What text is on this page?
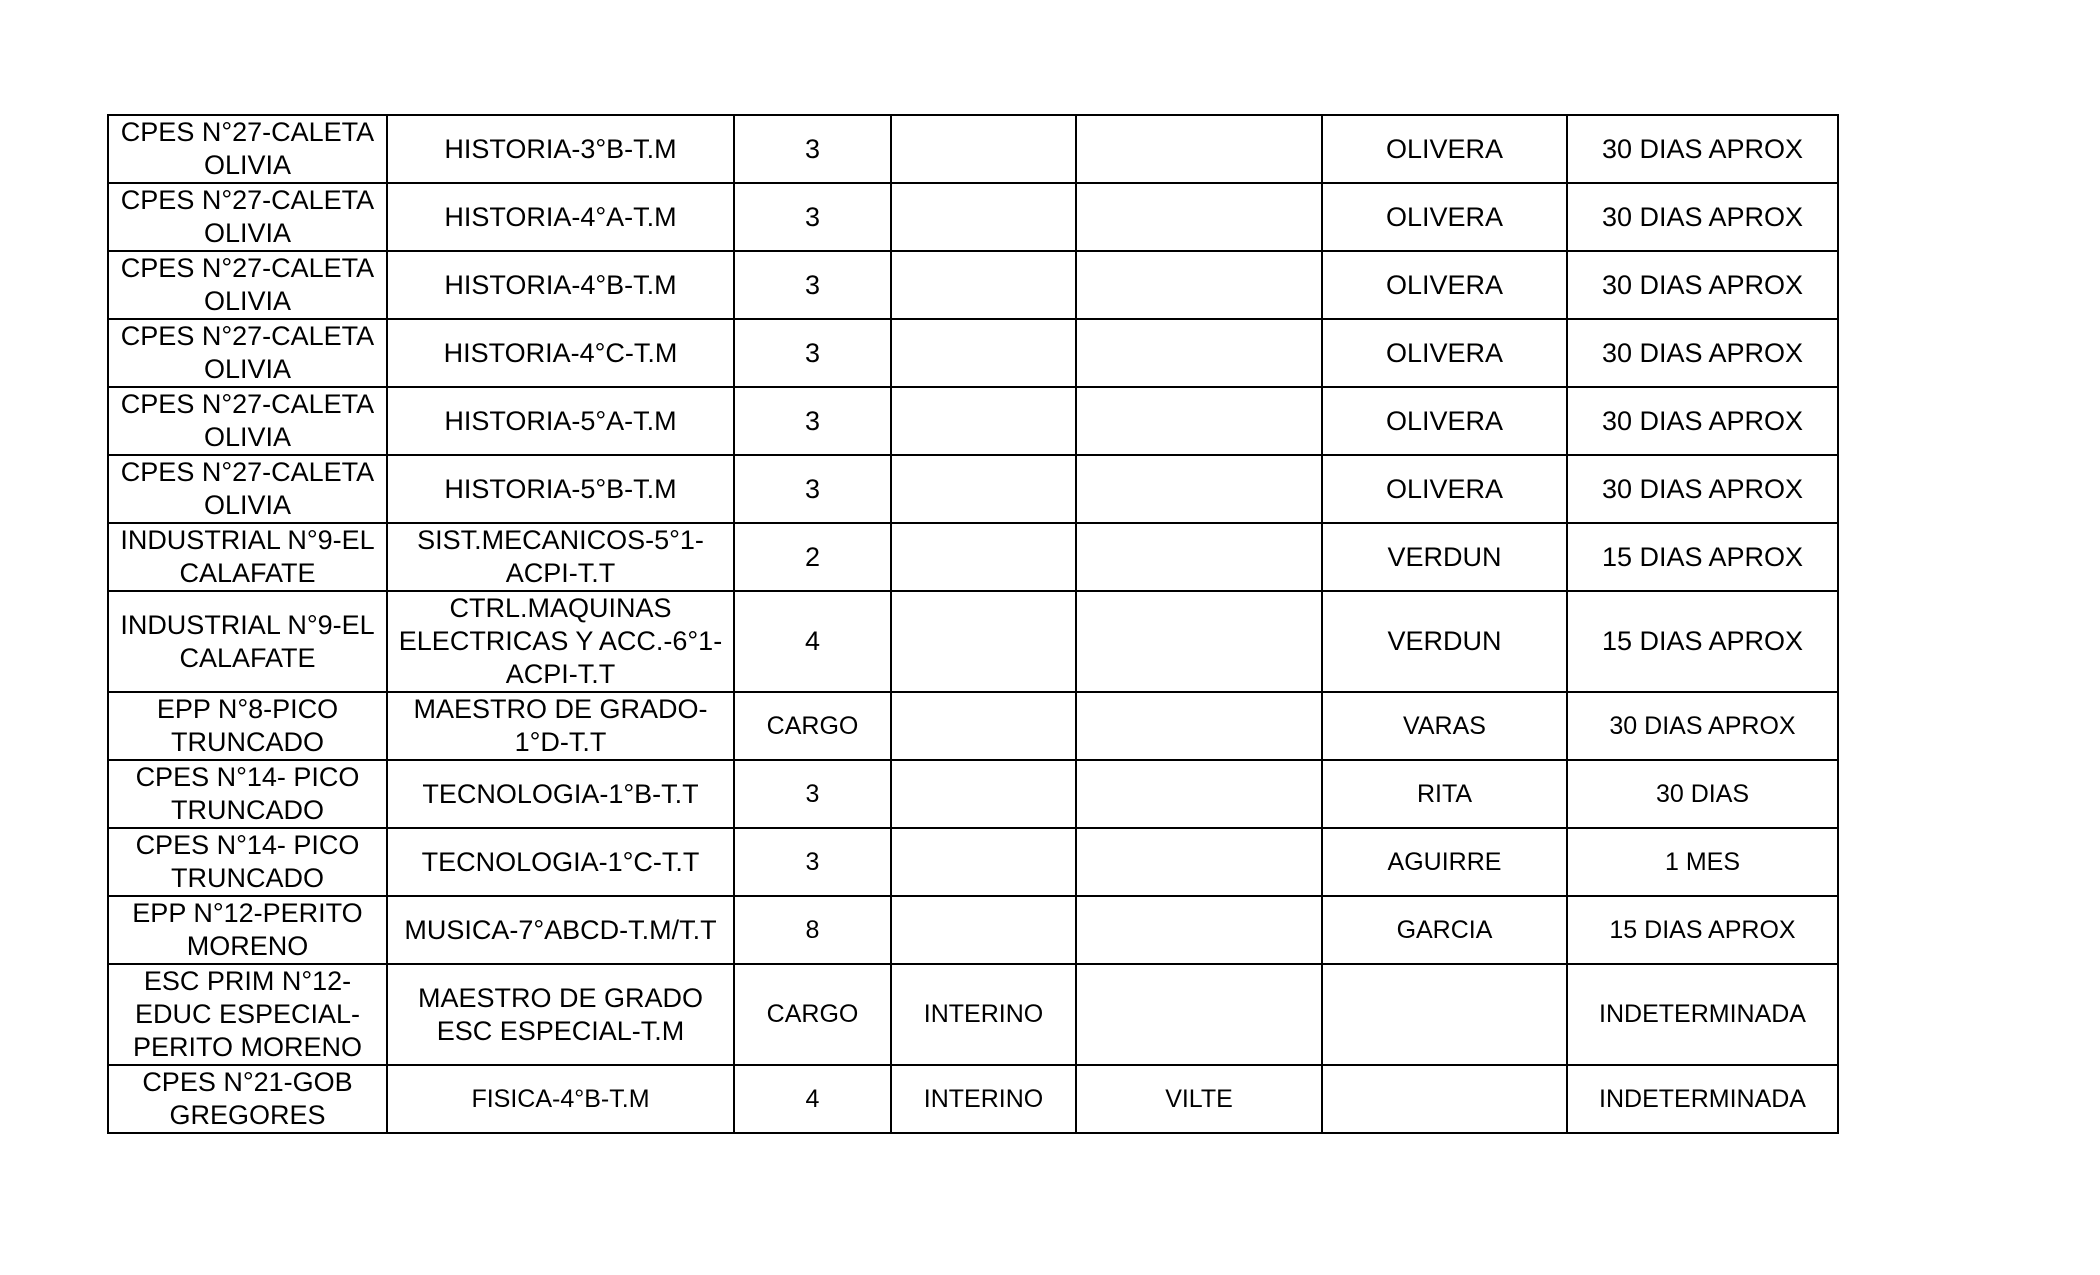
CPES N°27-CALETA OLIVIA	HISTORIA-3°B-T.M	3			OLIVERA	30 DIAS APROX
CPES N°27-CALETA OLIVIA	HISTORIA-4°A-T.M	3			OLIVERA	30 DIAS APROX
CPES N°27-CALETA OLIVIA	HISTORIA-4°B-T.M	3			OLIVERA	30 DIAS APROX
CPES N°27-CALETA OLIVIA	HISTORIA-4°C-T.M	3			OLIVERA	30 DIAS APROX
CPES N°27-CALETA OLIVIA	HISTORIA-5°A-T.M	3			OLIVERA	30 DIAS APROX
CPES N°27-CALETA OLIVIA	HISTORIA-5°B-T.M	3			OLIVERA	30 DIAS APROX
INDUSTRIAL N°9-EL CALAFATE	SIST.MECANICOS-5°1-ACPI-T.T	2			VERDUN	15 DIAS APROX
INDUSTRIAL N°9-EL CALAFATE	CTRL.MAQUINAS ELECTRICAS Y ACC.-6°1-ACPI-T.T	4			VERDUN	15 DIAS APROX
EPP N°8-PICO TRUNCADO	MAESTRO DE GRADO-1°D-T.T	CARGO			VARAS	30 DIAS APROX
CPES N°14- PICO TRUNCADO	TECNOLOGIA-1°B-T.T	3			RITA	30 DIAS
CPES N°14- PICO TRUNCADO	TECNOLOGIA-1°C-T.T	3			AGUIRRE	1 MES
EPP N°12-PERITO MORENO	MUSICA-7°ABCD-T.M/T.T	8			GARCIA	15 DIAS APROX
ESC PRIM N°12-EDUC ESPECIAL-PERITO MORENO	MAESTRO DE GRADO ESC ESPECIAL-T.M	CARGO	INTERINO			INDETERMINADA
CPES N°21-GOB GREGORES	FISICA-4°B-T.M	4	INTERINO	VILTE		INDETERMINADA
